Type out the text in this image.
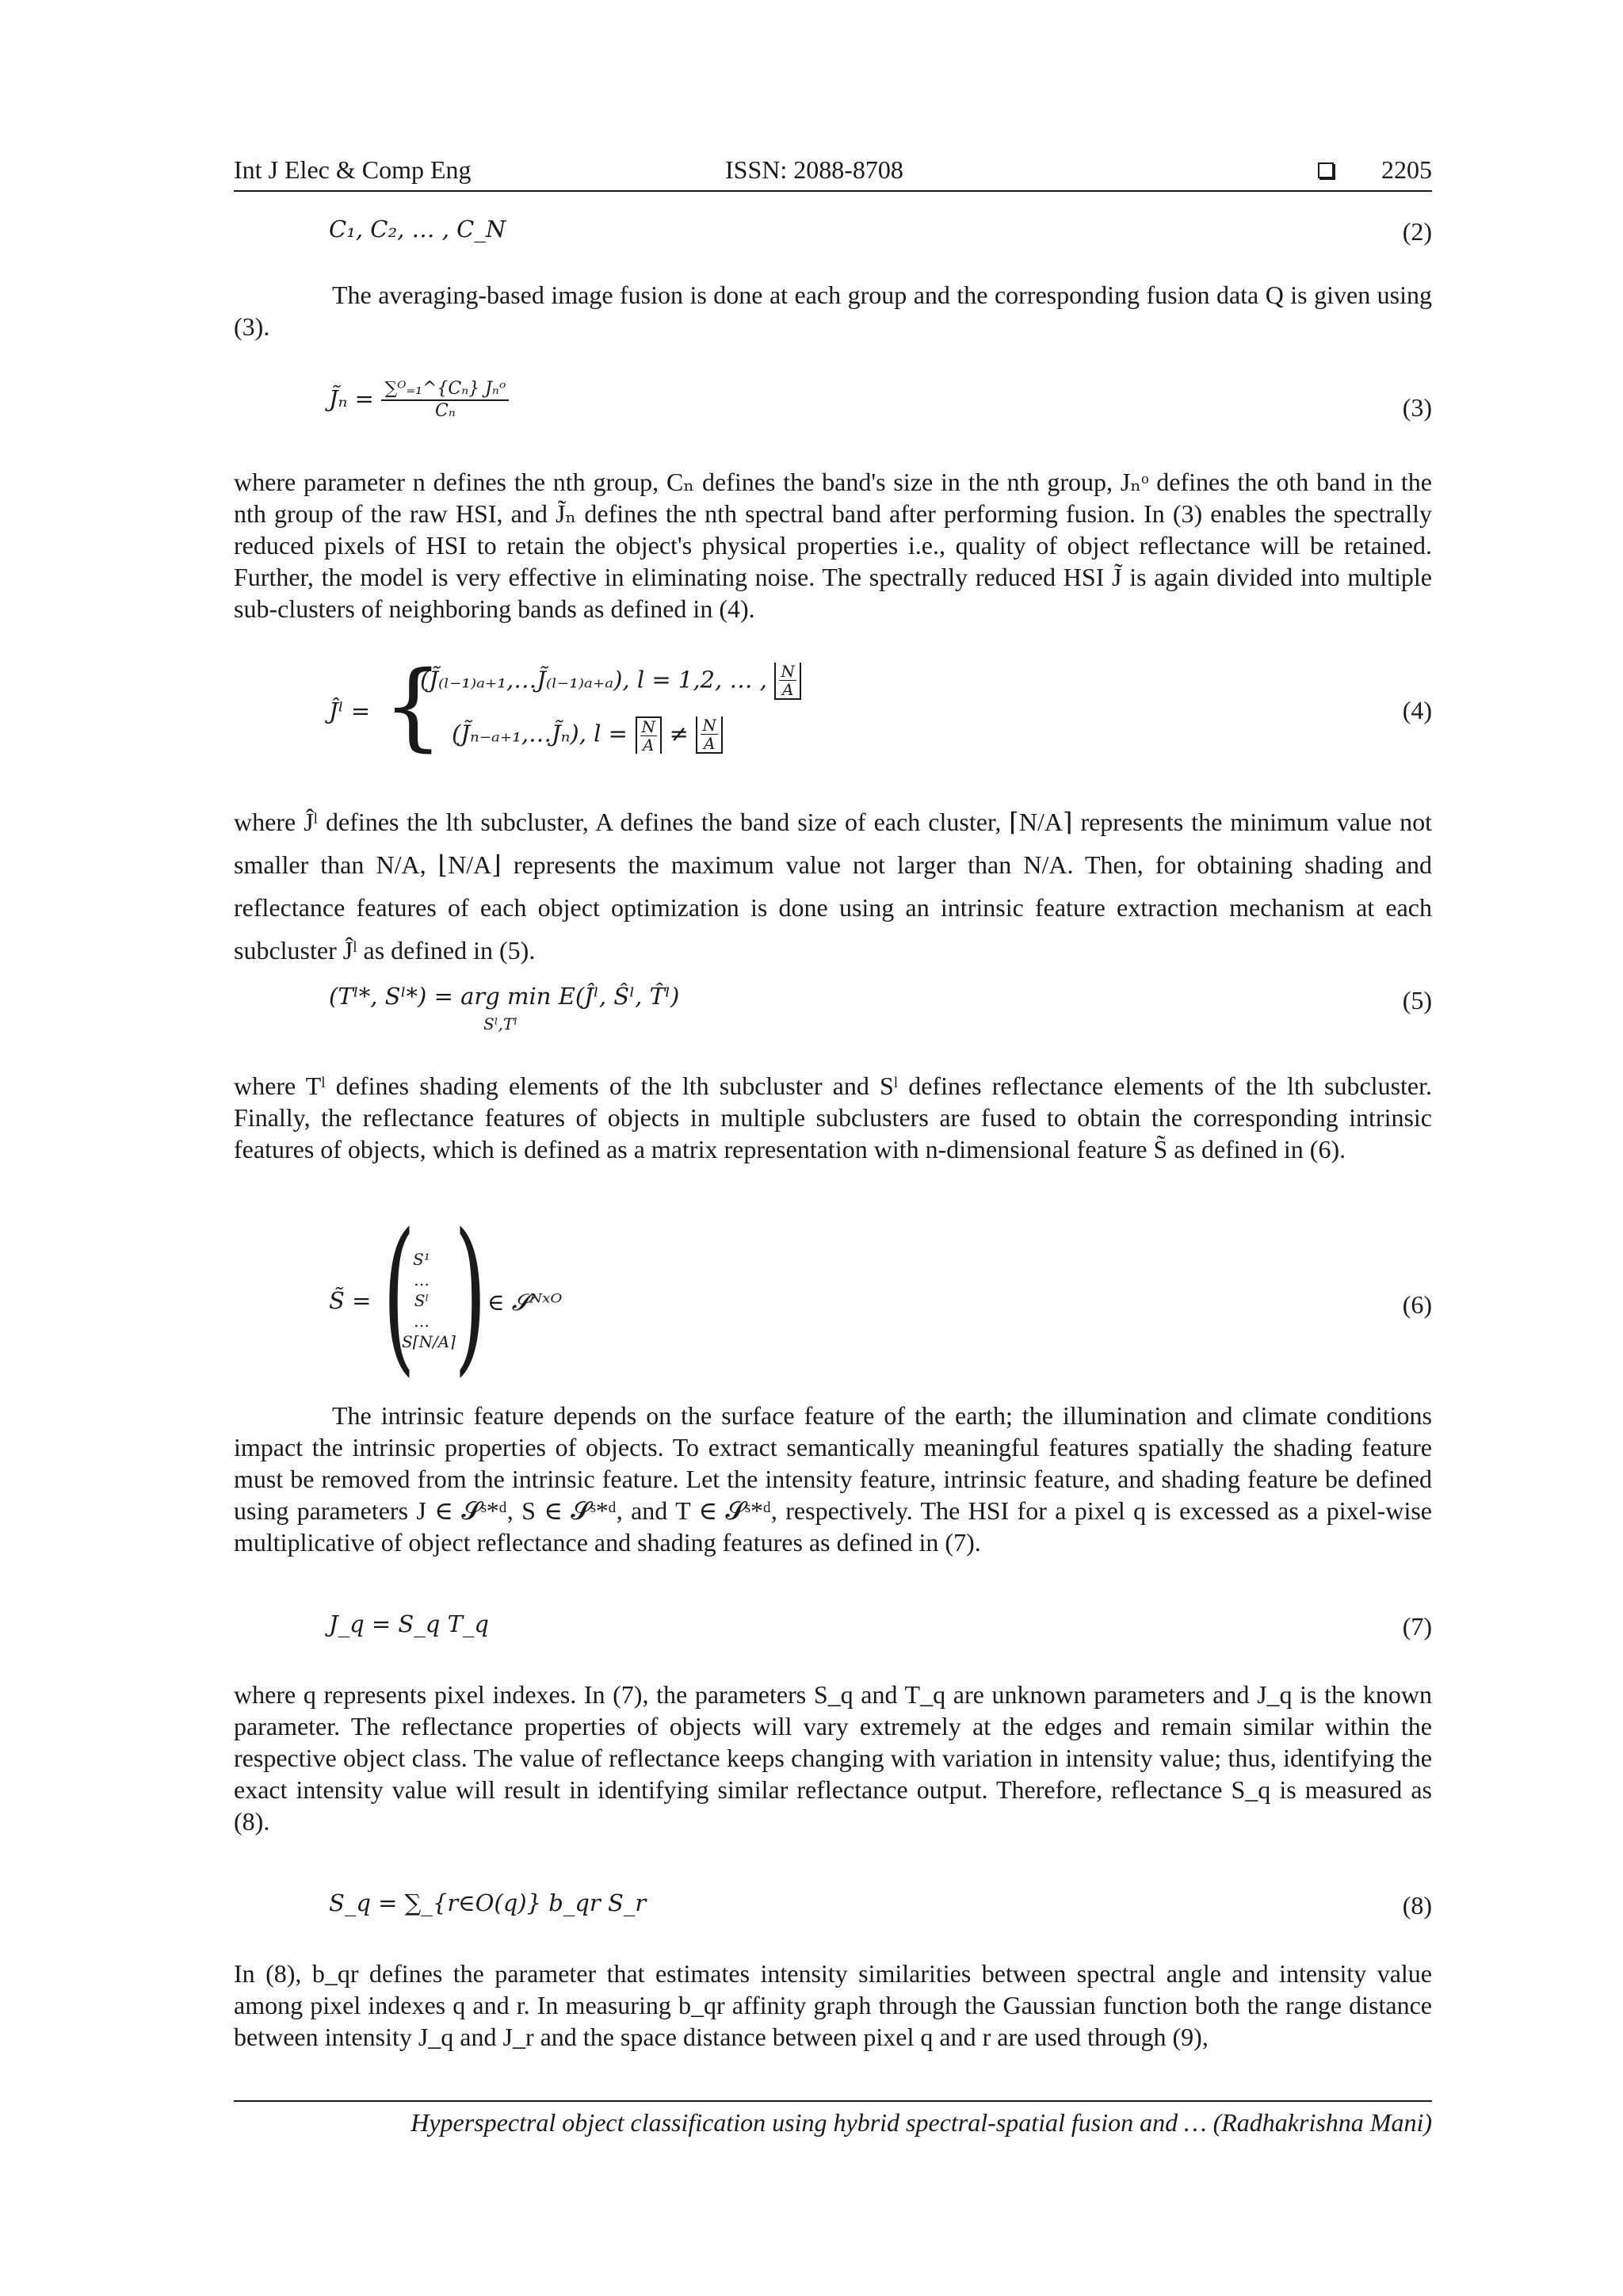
Int J Elec & Comp Eng	ISSN: 2088-8708	2205
C₁, C₂, … , C_N	(2)

The averaging-based image fusion is done at each group and the corresponding fusion data Q is given using (3).

J̃ₙ = $\frac{\text{∑ᴼ₌₁\textasciicircum{}\{Cₙ\} Jₙᵒ}}{\text{Cₙ}}$	(3)

where parameter n defines the nth group, Cₙ defines the band's size in the nth group, Jₙᵒ defines the oth band in the nth group of the raw HSI, and J̃ₙ defines the nth spectral band after performing fusion. In (3) enables the spectrally reduced pixels of HSI to retain the object's physical properties i.e., quality of object reflectance will be retained. Further, the model is very effective in eliminating noise. The spectrally reduced HSI J̃ is again divided into multiple sub-clusters of neighboring bands as defined in (4).

Ĵˡ = {
(J̃₍ₗ₋₁₎ₐ₊₁,…J̃₍ₗ₋₁₎ₐ₊ₐ), l = 1,2, … , $\frac{N}{A}$
(J̃ₙ₋ₐ₊₁,…J̃ₙ), $l = \frac{N}{A} \ne \frac{N}{A}$
(4)

where Ĵˡ defines the lth subcluster, A defines the band size of each cluster, ⌈N/A⌉ represents the minimum value not smaller than N/A, ⌊N/A⌋ represents the maximum value not larger than N/A. Then, for obtaining shading and reflectance features of each object optimization is done using an intrinsic feature extraction mechanism at each subcluster Ĵˡ as defined in (5).

(Tˡ*, Sˡ*) = arg min E(Ĵˡ, Ŝˡ, T̂ˡ)
Sˡ,Tˡ
(5)

where Tˡ defines shading elements of the lth subcluster and Sˡ defines reflectance elements of the lth subcluster. Finally, the reflectance features of objects in multiple subclusters are fused to obtain the corresponding intrinsic features of objects, which is defined as a matrix representation with n-dimensional feature S̃ as defined in (6).

S̃ = (
S¹
…
Sˡ
…
S⌈N/A⌉
) ∈ 𝓢ᴺˣᴼ	(6)

The intrinsic feature depends on the surface feature of the earth; the illumination and climate conditions impact the intrinsic properties of objects. To extract semantically meaningful features spatially the shading feature must be removed from the intrinsic feature. Let the intensity feature, intrinsic feature, and shading feature be defined using parameters J ∈ 𝓢ˢ*ᵈ, S ∈ 𝓢ˢ*ᵈ, and T ∈ 𝓢ˢ*ᵈ, respectively. The HSI for a pixel q is excessed as a pixel-wise multiplicative of object reflectance and shading features as defined in (7).

J_q = S_q T_q	(7)

where q represents pixel indexes. In (7), the parameters S_q and T_q are unknown parameters and J_q is the known parameter. The reflectance properties of objects will vary extremely at the edges and remain similar within the respective object class. The value of reflectance keeps changing with variation in intensity value; thus, identifying the exact intensity value will result in identifying similar reflectance output. Therefore, reflectance S_q is measured as (8).

S_q = ∑_{r∈O(q)} b_qr S_r	(8)

In (8), b_qr defines the parameter that estimates intensity similarities between spectral angle and intensity value among pixel indexes q and r. In measuring b_qr affinity graph through the Gaussian function both the range distance between intensity J_q and J_r and the space distance between pixel q and r are used through (9),

Hyperspectral object classification using hybrid spectral-spatial fusion and … (Radhakrishna Mani)
